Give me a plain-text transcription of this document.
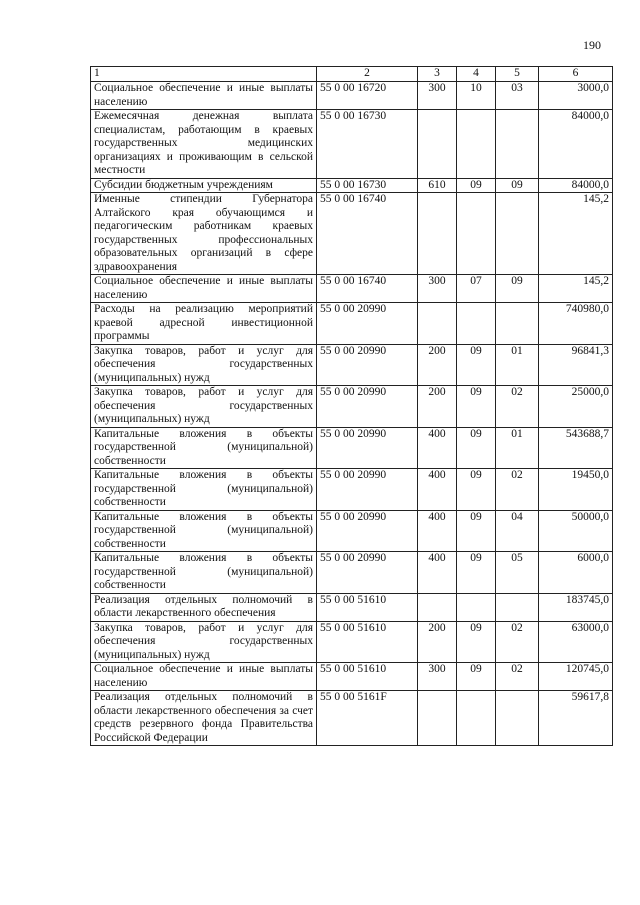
190
1	2	3	4	5	6
Социальное обеспечение и иные выплаты населению	55 0 00 16720	300	10	03	3000,0
Ежемесячная денежная выплата специалистам, работающим в краевых государственных медицинских организациях и проживающим в сельской местности	55 0 00 16730				84000,0
Субсидии бюджетным учреждениям	55 0 00 16730	610	09	09	84000,0
Именные стипендии Губернатора Алтайского края обучающимся и педагогическим работникам краевых государственных профессиональных образовательных организаций в сфере здравоохранения	55 0 00 16740				145,2
Социальное обеспечение и иные выплаты населению	55 0 00 16740	300	07	09	145,2
Расходы на реализацию мероприятий краевой адресной инвестиционной программы	55 0 00 20990				740980,0
Закупка товаров, работ и услуг для обеспечения государственных (муниципальных) нужд	55 0 00 20990	200	09	01	96841,3
Закупка товаров, работ и услуг для обеспечения государственных (муниципальных) нужд	55 0 00 20990	200	09	02	25000,0
Капитальные вложения в объекты государственной (муниципальной) собственности	55 0 00 20990	400	09	01	543688,7
Капитальные вложения в объекты государственной (муниципальной) собственности	55 0 00 20990	400	09	02	19450,0
Капитальные вложения в объекты государственной (муниципальной) собственности	55 0 00 20990	400	09	04	50000,0
Капитальные вложения в объекты государственной (муниципальной) собственности	55 0 00 20990	400	09	05	6000,0
Реализация отдельных полномочий в области лекарственного обеспечения	55 0 00 51610				183745,0
Закупка товаров, работ и услуг для обеспечения государственных (муниципальных) нужд	55 0 00 51610	200	09	02	63000,0
Социальное обеспечение и иные выплаты населению	55 0 00 51610	300	09	02	120745,0
Реализация отдельных полномочий в области лекарственного обеспечения за счет средств резервного фонда Правительства Российской Федерации	55 0 00 5161F				59617,8
